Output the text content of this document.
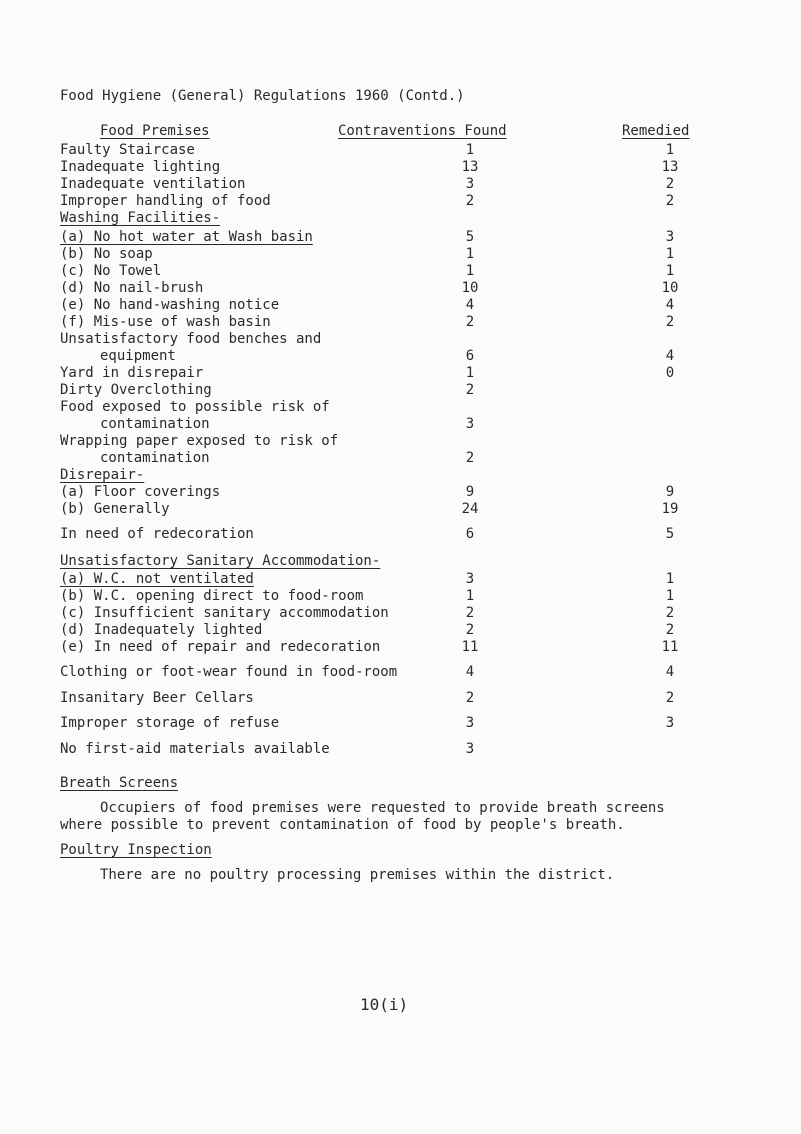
Food Hygiene (General) Regulations 1960 (Contd.)
Food Premises	Contraventions Found	Remedied
Faulty Staircase	1	1
Inadequate lighting	13	13
Inadequate ventilation	3	2
Improper handling of food	2	2
Washing Facilities-
(a) No hot water at Wash basin	5	3
(b) No soap	1	1
(c) No Towel	1	1
(d) No nail-brush	10	10
(e) No hand-washing notice	4	4
(f) Mis-use of wash basin	2	2
Unsatisfactory food benches and
equipment	6	4
Yard in disrepair	1	0
Dirty Overclothing	2
Food exposed to possible risk of
contamination	3
Wrapping paper exposed to risk of
contamination	2
Disrepair-
(a) Floor coverings	9	9
(b) Generally	24	19
In need of redecoration	6	5
Unsatisfactory Sanitary Accommodation-
(a) W.C. not ventilated	3	1
(b) W.C. opening direct to food-room	1	1
(c) Insufficient sanitary accommodation	2	2
(d) Inadequately lighted	2	2
(e) In need of repair and redecoration	11	11
Clothing or foot-wear found in food-room	4	4
Insanitary Beer Cellars	2	2
Improper storage of refuse	3	3
No first-aid materials available	3
Breath Screens
Occupiers of food premises were requested to provide breath screens
where possible to prevent contamination of food by people's breath.
Poultry Inspection
There are no poultry processing premises within the district.
10(i)
